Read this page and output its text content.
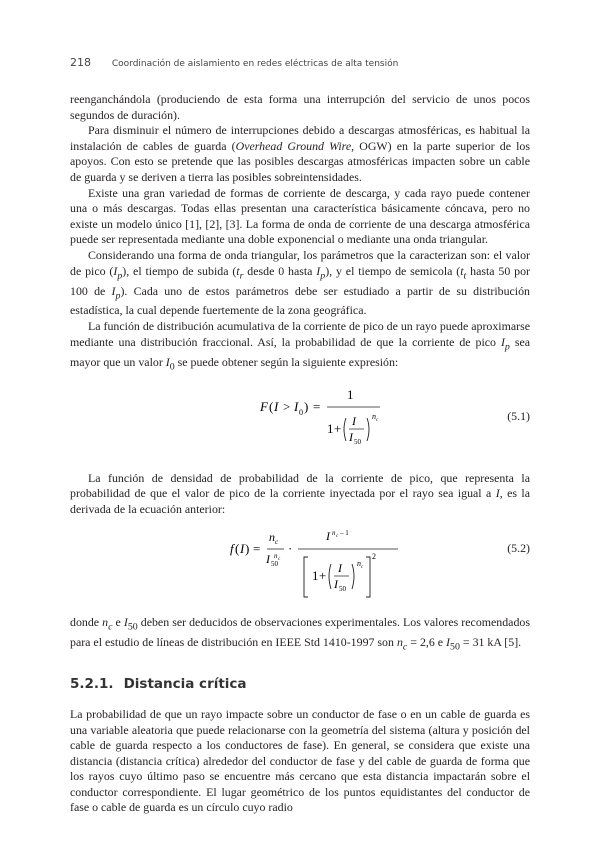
218 Coordinación de aislamiento en redes eléctricas de alta tensión

reenganchándola (produciendo de esta forma una interrupción del servicio de unos pocos segundos de duración).

Para disminuir el número de interrupciones debido a descargas atmosféricas, es habitual la instalación de cables de guarda (Overhead Ground Wire, OGW) en la parte superior de los apoyos. Con esto se pretende que las posibles descargas atmosféricas impacten sobre un cable de guarda y se deriven a tierra las posibles sobreintensidades.

Existe una gran variedad de formas de corriente de descarga, y cada rayo puede contener una o más descargas. Todas ellas presentan una característica básicamente cóncava, pero no existe un modelo único [1], [2], [3]. La forma de onda de corriente de una descarga atmosférica puede ser representada mediante una doble exponencial o mediante una onda triangular.

Considerando una forma de onda triangular, los parámetros que la caracterizan son: el valor de pico $(I_p)$, el tiempo de subida ($t_r$ desde 0 hasta $I_p$), y el tiempo de semicola ($t_t$ hasta 50 por 100 de $I_p$). Cada uno de estos parámetros debe ser estudiado a partir de su distribución estadística, la cual depende fuertemente de la zona geográfica.

La función de distribución acumulativa de la corriente de pico de un rayo puede aproximarse mediante una distribución fraccional. Así, la probabilidad de que la corriente de pico $I_p$ sea mayor que un valor $I_0$ se puede obtener según la siguiente expresión:

F ( I > I 0 ) =
1
1 + I
I 50
n c	(5.1)

La función de densidad de probabilidad de la corriente de pico, que representa la probabilidad de que el valor de pico de la corriente inyectada por el rayo sea igual a I, es la derivada de la ecuación anterior:

f ( I ) =
n c
I 50
n c
·
I n c – 1
1 + I
I 50
n c
2
(5.2)

donde $n_c$ e $I_{50}$ deben ser deducidos de observaciones experimentales. Los valores recomendados para el estudio de líneas de distribución en IEEE Std 1410-1997 son $n_c = 2,6$ e $I_{50} = 31$ kA [5].

5.2.1. Distancia crítica

La probabilidad de que un rayo impacte sobre un conductor de fase o en un cable de guarda es una variable aleatoria que puede relacionarse con la geometría del sistema (altura y posición del cable de guarda respecto a los conductores de fase). En general, se considera que existe una distancia (distancia crítica) alrededor del conductor de fase y del cable de guarda de forma que los rayos cuyo último paso se encuentre más cercano que esta distancia impactarán sobre el conductor correspondiente. El lugar geométrico de los puntos equidistantes del conductor de fase o cable de guarda es un círculo cuyo radio
